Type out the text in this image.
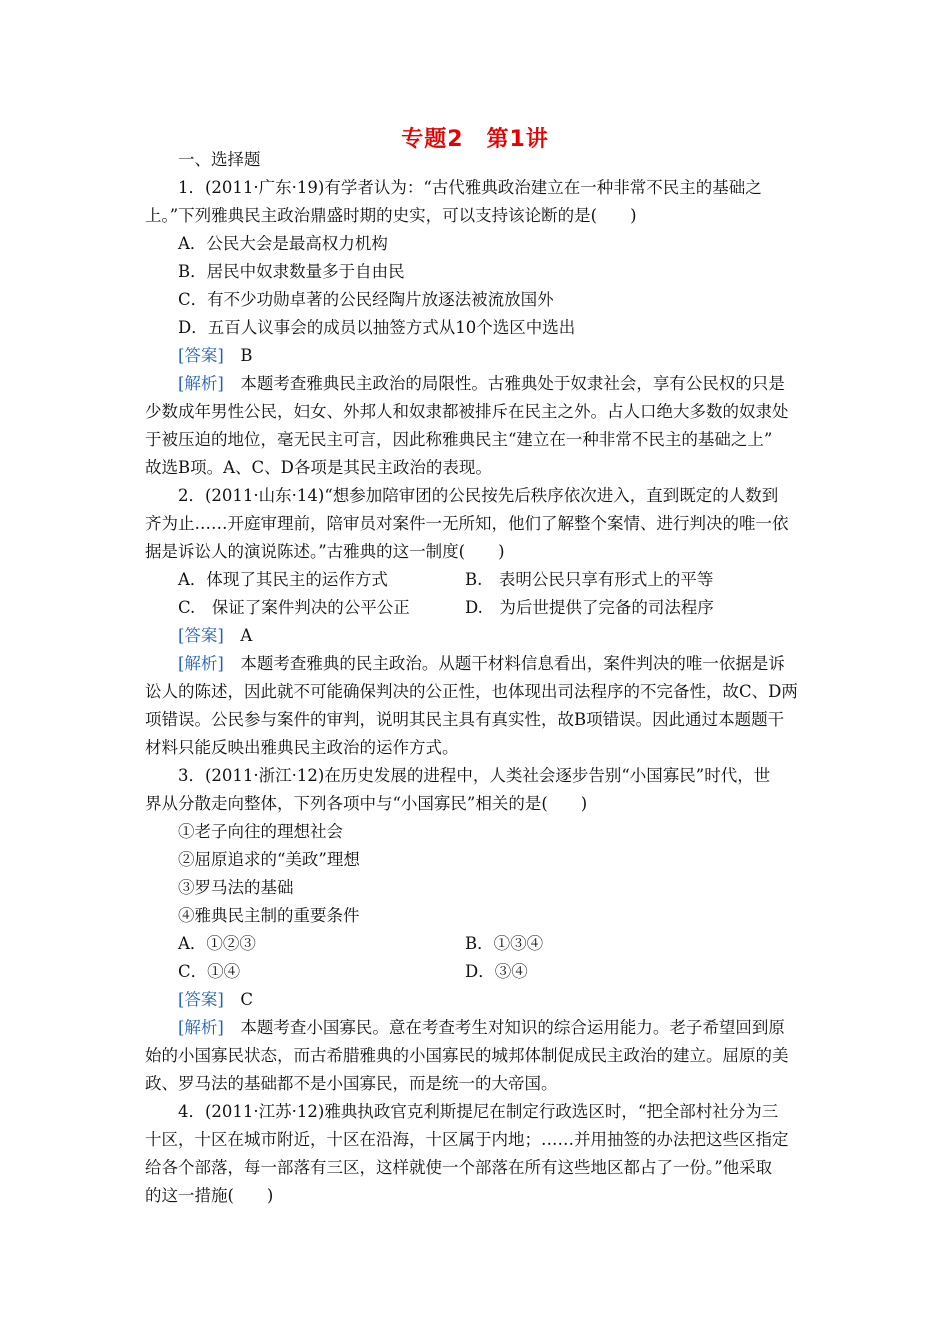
专题2　第1讲
一、选择题
1．(2011·广东·19)有学者认为：“古代雅典政治建立在一种非常不民主的基础之
上。”下列雅典民主政治鼎盛时期的史实，可以支持该论断的是(　　)
A．公民大会是最高权力机构
B．居民中奴隶数量多于自由民
C．有不少功勋卓著的公民经陶片放逐法被流放国外
D．五百人议事会的成员以抽签方式从10个选区中选出
[答案]　 B
[解析]　 本题考查雅典民主政治的局限性。古雅典处于奴隶社会，享有公民权的只是
少数成年男性公民，妇女、外邦人和奴隶都被排斥在民主之外。占人口绝大多数的奴隶处
于被压迫的地位，毫无民主可言，因此称雅典民主“建立在一种非常不民主的基础之上”
故选B项。A、C、D各项是其民主政治的表现。
2．(2011·山东·14)“想参加陪审团的公民按先后秩序依次进入，直到既定的人数到
齐为止……开庭审理前，陪审员对案件一无所知，他们了解整个案情、进行判决的唯一依
据是诉讼人的演说陈述。”古雅典的这一制度(　　)
A．体现了其民主的运作方式	B.　表明公民只享有形式上的平等
C.　保证了案件判决的公平公正	D.　为后世提供了完备的司法程序
[答案]　 A
[解析]　 本题考查雅典的民主政治。从题干材料信息看出，案件判决的唯一依据是诉
讼人的陈述，因此就不可能确保判决的公正性，也体现出司法程序的不完备性，故C、D两
项错误。公民参与案件的审判，说明其民主具有真实性，故B项错误。因此通过本题题干
材料只能反映出雅典民主政治的运作方式。
3．(2011·浙江·12)在历史发展的进程中，人类社会逐步告别“小国寡民”时代，世
界从分散走向整体，下列各项中与“小国寡民”相关的是(　　)
①老子向往的理想社会
②屈原追求的“美政”理想
③罗马法的基础
④雅典民主制的重要条件
A．①②③	B．①③④
C．①④	D．③④
[答案]　 C
[解析]　 本题考查小国寡民。意在考查考生对知识的综合运用能力。老子希望回到原
始的小国寡民状态，而古希腊雅典的小国寡民的城邦体制促成民主政治的建立。屈原的美
政、罗马法的基础都不是小国寡民，而是统一的大帝国。
4．(2011·江苏·12)雅典执政官克利斯提尼在制定行政选区时，“把全部村社分为三
十区，十区在城市附近，十区在沿海，十区属于内地；……并用抽签的办法把这些区指定
给各个部落，每一部落有三区，这样就使一个部落在所有这些地区都占了一份。”他采取
的这一措施(　　)
